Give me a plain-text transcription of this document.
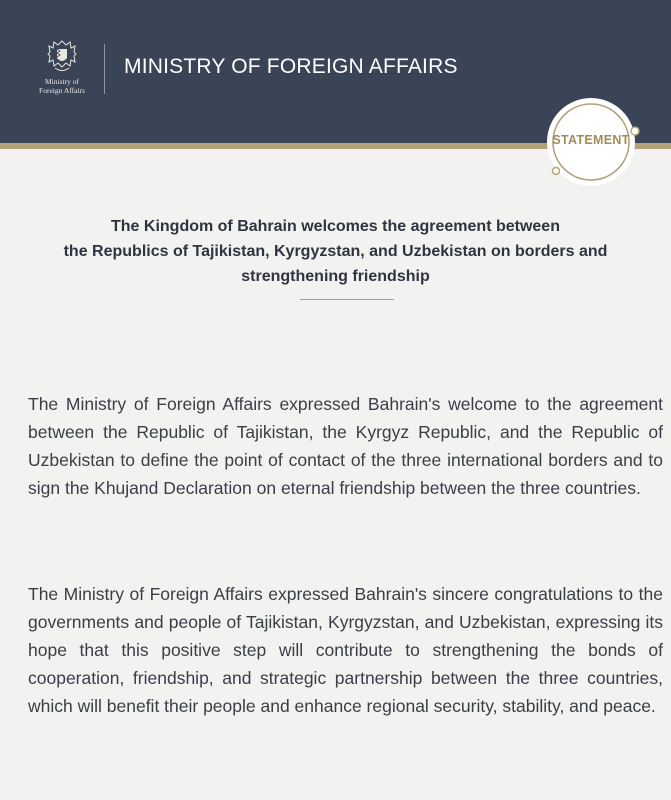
Ministry of
Foreign Affairs
MINISTRY OF FOREIGN AFFAIRS
STATEMENT
The Kingdom of Bahrain welcomes the agreement between
the Republics of Tajikistan, Kyrgyzstan, and Uzbekistan on borders and
strengthening friendship
The Ministry of Foreign Affairs expressed Bahrain's welcome to the agreement between the Republic of Tajikistan, the Kyrgyz Republic, and the Republic of Uzbekistan to define the point of contact of the three international borders and to sign the Khujand Declaration on eternal friendship between the three countries.
The Ministry of Foreign Affairs expressed Bahrain's sincere congratulations to the governments and people of Tajikistan, Kyrgyzstan, and Uzbekistan, expressing its hope that this positive step will contribute to strengthening the bonds of cooperation, friendship, and strategic partnership between the three countries, which will benefit their people and enhance regional security, stability, and peace.
